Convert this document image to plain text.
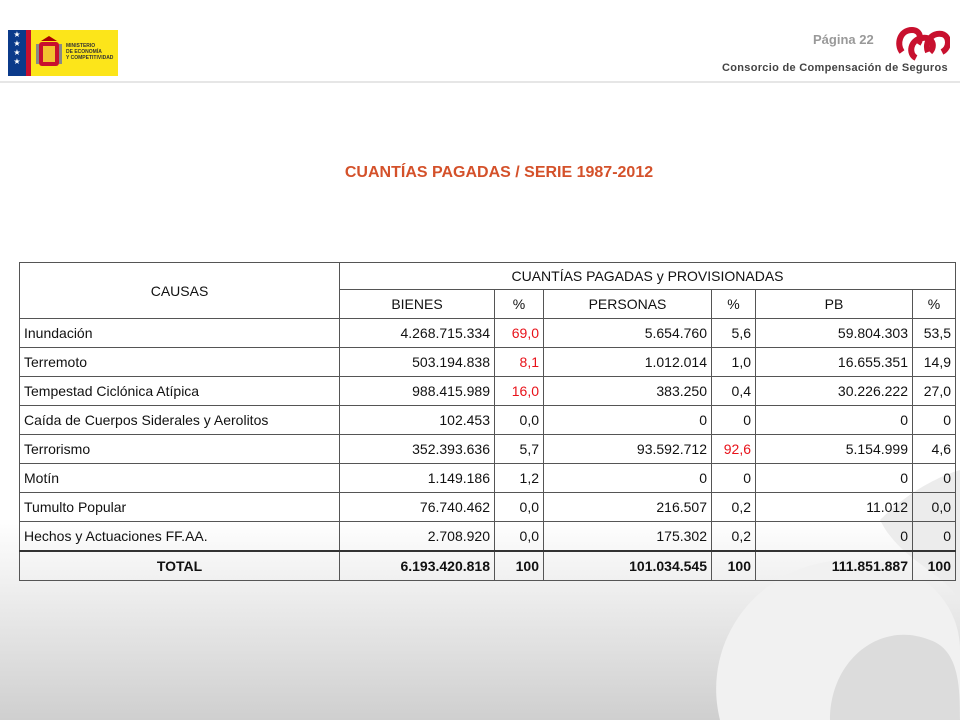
★
★
★
★
MINISTERIO
DE ECONOMÍA
Y COMPETITIVIDAD
Página 22
Consorcio de Compensación de Seguros
CUANTÍAS PAGADAS / SERIE 1987-2012
CAUSAS	CUANTÍAS PAGADAS y PROVISIONADAS					
	BIENES	%	PERSONAS	%	PB	%
Inundación	4.268.715.334	69,0	5.654.760	5,6	59.804.303	53,5
Terremoto	503.194.838	8,1	1.012.014	1,0	16.655.351	14,9
Tempestad Ciclónica Atípica	988.415.989	16,0	383.250	0,4	30.226.222	27,0
Caída de Cuerpos Siderales y Aerolitos	102.453	0,0	0	0	0	0
Terrorismo	352.393.636	5,7	93.592.712	92,6	5.154.999	4,6
Motín	1.149.186	1,2	0	0	0	0
Tumulto Popular	76.740.462	0,0	216.507	0,2	11.012	0,0
Hechos y Actuaciones FF.AA.	2.708.920	0,0	175.302	0,2	0	0
TOTAL	6.193.420.818	100	101.034.545	100	111.851.887	100
